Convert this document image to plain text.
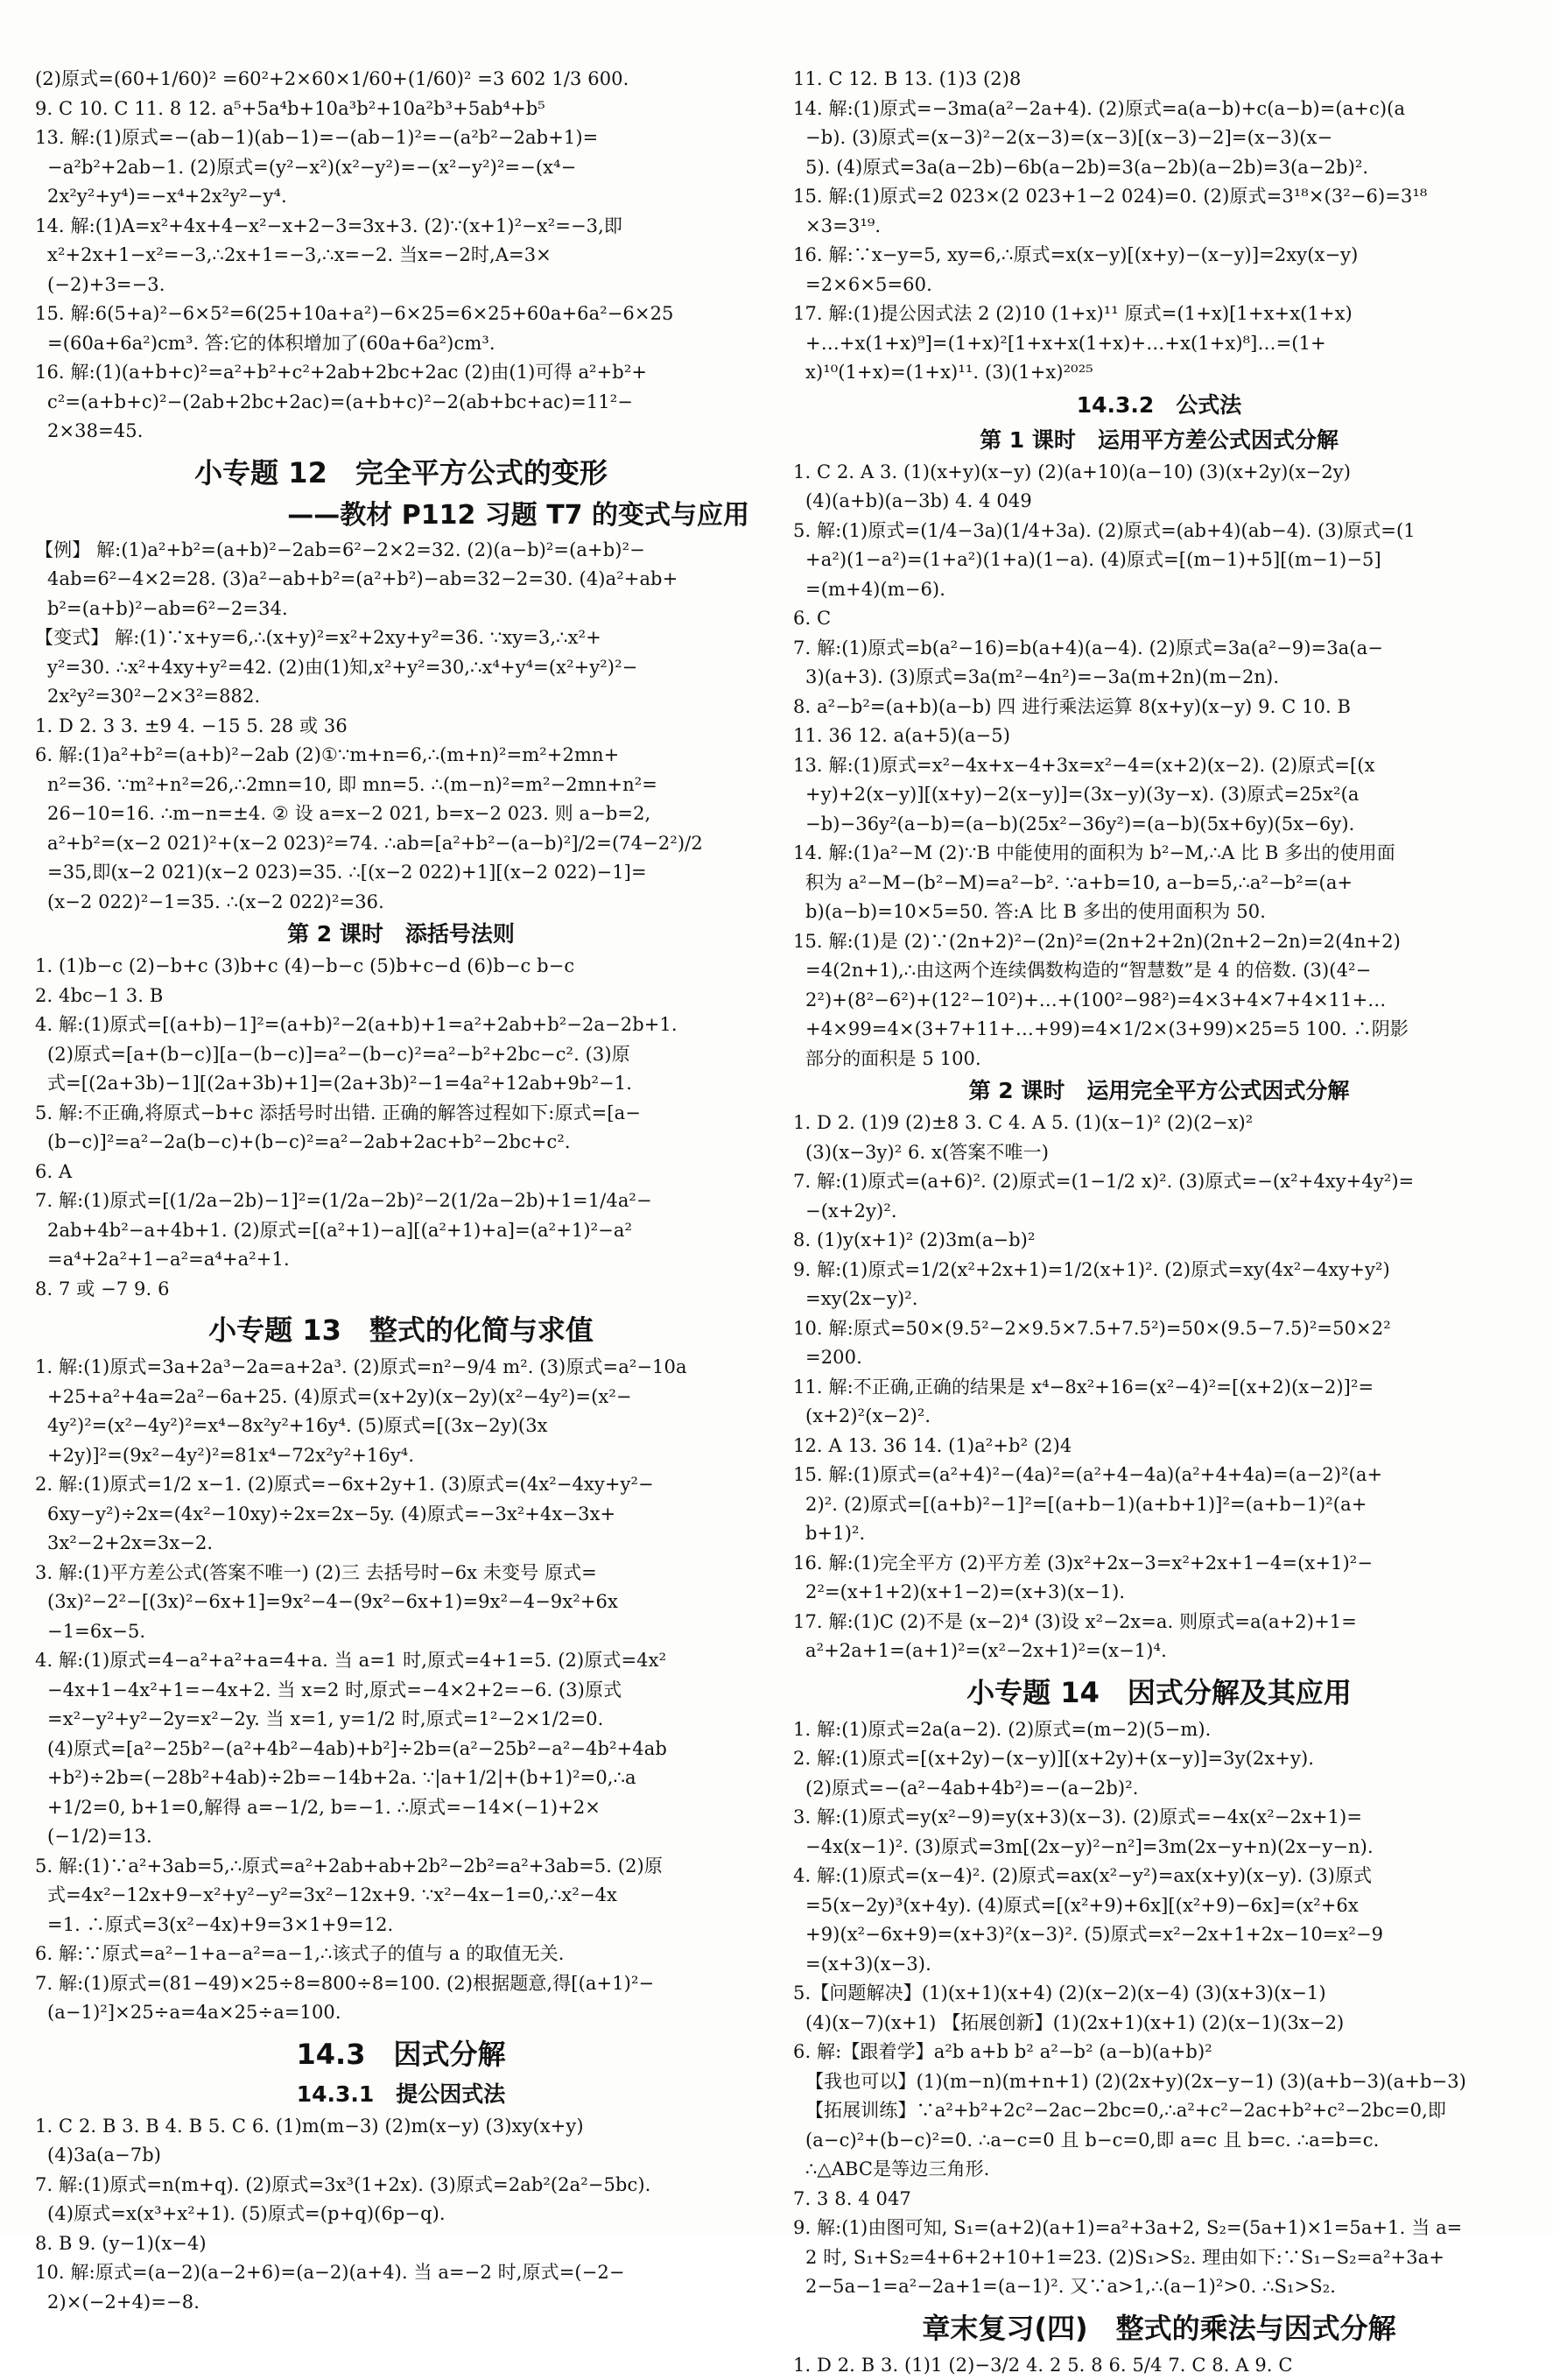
(2)原式=(60+1/60)² =60²+2×60×1/60+(1/60)² =3 602 1/3 600.
9. C 10. C 11. 8 12. a⁵+5a⁴b+10a³b²+10a²b³+5ab⁴+b⁵
13. 解:(1)原式=−(ab−1)(ab−1)=−(ab−1)²=−(a²b²−2ab+1)=
−a²b²+2ab−1. (2)原式=(y²−x²)(x²−y²)=−(x²−y²)²=−(x⁴−
2x²y²+y⁴)=−x⁴+2x²y²−y⁴.
14. 解:(1)A=x²+4x+4−x²−x+2−3=3x+3. (2)∵(x+1)²−x²=−3,即
x²+2x+1−x²=−3,∴2x+1=−3,∴x=−2. 当x=−2时,A=3×
(−2)+3=−3.
15. 解:6(5+a)²−6×5²=6(25+10a+a²)−6×25=6×25+60a+6a²−6×25
=(60a+6a²)cm³. 答:它的体积增加了(60a+6a²)cm³.
16. 解:(1)(a+b+c)²=a²+b²+c²+2ab+2bc+2ac (2)由(1)可得 a²+b²+
c²=(a+b+c)²−(2ab+2bc+2ac)=(a+b+c)²−2(ab+bc+ac)=11²−
2×38=45.
小专题 12　完全平方公式的变形
——教材 P112 习题 T7 的变式与应用
【例】 解:(1)a²+b²=(a+b)²−2ab=6²−2×2=32. (2)(a−b)²=(a+b)²−
4ab=6²−4×2=28. (3)a²−ab+b²=(a²+b²)−ab=32−2=30. (4)a²+ab+
b²=(a+b)²−ab=6²−2=34.
【变式】 解:(1)∵x+y=6,∴(x+y)²=x²+2xy+y²=36. ∵xy=3,∴x²+
y²=30. ∴x²+4xy+y²=42. (2)由(1)知,x²+y²=30,∴x⁴+y⁴=(x²+y²)²−
2x²y²=30²−2×3²=882.
1. D 2. 3 3. ±9 4. −15 5. 28 或 36
6. 解:(1)a²+b²=(a+b)²−2ab (2)①∵m+n=6,∴(m+n)²=m²+2mn+
n²=36. ∵m²+n²=26,∴2mn=10, 即 mn=5. ∴(m−n)²=m²−2mn+n²=
26−10=16. ∴m−n=±4. ② 设 a=x−2 021, b=x−2 023. 则 a−b=2,
a²+b²=(x−2 021)²+(x−2 023)²=74. ∴ab=[a²+b²−(a−b)²]/2=(74−2²)/2
=35,即(x−2 021)(x−2 023)=35. ∴[(x−2 022)+1][(x−2 022)−1]=
(x−2 022)²−1=35. ∴(x−2 022)²=36.
第 2 课时　添括号法则
1. (1)b−c (2)−b+c (3)b+c (4)−b−c (5)b+c−d (6)b−c b−c
2. 4bc−1 3. B
4. 解:(1)原式=[(a+b)−1]²=(a+b)²−2(a+b)+1=a²+2ab+b²−2a−2b+1.
(2)原式=[a+(b−c)][a−(b−c)]=a²−(b−c)²=a²−b²+2bc−c². (3)原
式=[(2a+3b)−1][(2a+3b)+1]=(2a+3b)²−1=4a²+12ab+9b²−1.
5. 解:不正确,将原式−b+c 添括号时出错. 正确的解答过程如下:原式=[a−
(b−c)]²=a²−2a(b−c)+(b−c)²=a²−2ab+2ac+b²−2bc+c².
6. A
7. 解:(1)原式=[(1/2a−2b)−1]²=(1/2a−2b)²−2(1/2a−2b)+1=1/4a²−
2ab+4b²−a+4b+1. (2)原式=[(a²+1)−a][(a²+1)+a]=(a²+1)²−a²
=a⁴+2a²+1−a²=a⁴+a²+1.
8. 7 或 −7 9. 6
小专题 13　整式的化简与求值
1. 解:(1)原式=3a+2a³−2a=a+2a³. (2)原式=n²−9/4 m². (3)原式=a²−10a
+25+a²+4a=2a²−6a+25. (4)原式=(x+2y)(x−2y)(x²−4y²)=(x²−
4y²)²=(x²−4y²)²=x⁴−8x²y²+16y⁴. (5)原式=[(3x−2y)(3x
+2y)]²=(9x²−4y²)²=81x⁴−72x²y²+16y⁴.
2. 解:(1)原式=1/2 x−1. (2)原式=−6x+2y+1. (3)原式=(4x²−4xy+y²−
6xy−y²)÷2x=(4x²−10xy)÷2x=2x−5y. (4)原式=−3x²+4x−3x+
3x²−2+2x=3x−2.
3. 解:(1)平方差公式(答案不唯一) (2)三 去括号时−6x 未变号 原式=
(3x)²−2²−[(3x)²−6x+1]=9x²−4−(9x²−6x+1)=9x²−4−9x²+6x
−1=6x−5.
4. 解:(1)原式=4−a²+a²+a=4+a. 当 a=1 时,原式=4+1=5. (2)原式=4x²
−4x+1−4x²+1=−4x+2. 当 x=2 时,原式=−4×2+2=−6. (3)原式
=x²−y²+y²−2y=x²−2y. 当 x=1, y=1/2 时,原式=1²−2×1/2=0.
(4)原式=[a²−25b²−(a²+4b²−4ab)+b²]÷2b=(a²−25b²−a²−4b²+4ab
+b²)÷2b=(−28b²+4ab)÷2b=−14b+2a. ∵|a+1/2|+(b+1)²=0,∴a
+1/2=0, b+1=0,解得 a=−1/2, b=−1. ∴原式=−14×(−1)+2×
(−1/2)=13.
5. 解:(1)∵a²+3ab=5,∴原式=a²+2ab+ab+2b²−2b²=a²+3ab=5. (2)原
式=4x²−12x+9−x²+y²−y²=3x²−12x+9. ∵x²−4x−1=0,∴x²−4x
=1. ∴原式=3(x²−4x)+9=3×1+9=12.
6. 解:∵原式=a²−1+a−a²=a−1,∴该式子的值与 a 的取值无关.
7. 解:(1)原式=(81−49)×25÷8=800÷8=100. (2)根据题意,得[(a+1)²−
(a−1)²]×25÷a=4a×25÷a=100.
14.3　因式分解
14.3.1　提公因式法
1. C 2. B 3. B 4. B 5. C 6. (1)m(m−3) (2)m(x−y) (3)xy(x+y)
(4)3a(a−7b)
7. 解:(1)原式=n(m+q). (2)原式=3x³(1+2x). (3)原式=2ab²(2a²−5bc).
(4)原式=x(x³+x²+1). (5)原式=(p+q)(6p−q).
8. B 9. (y−1)(x−4)
10. 解:原式=(a−2)(a−2+6)=(a−2)(a+4). 当 a=−2 时,原式=(−2−
2)×(−2+4)=−8.
11. C 12. B 13. (1)3 (2)8
14. 解:(1)原式=−3ma(a²−2a+4). (2)原式=a(a−b)+c(a−b)=(a+c)(a
−b). (3)原式=(x−3)²−2(x−3)=(x−3)[(x−3)−2]=(x−3)(x−
5). (4)原式=3a(a−2b)−6b(a−2b)=3(a−2b)(a−2b)=3(a−2b)².
15. 解:(1)原式=2 023×(2 023+1−2 024)=0. (2)原式=3¹⁸×(3²−6)=3¹⁸
×3=3¹⁹.
16. 解:∵x−y=5, xy=6,∴原式=x(x−y)[(x+y)−(x−y)]=2xy(x−y)
=2×6×5=60.
17. 解:(1)提公因式法 2 (2)10 (1+x)¹¹ 原式=(1+x)[1+x+x(1+x)
+…+x(1+x)⁹]=(1+x)²[1+x+x(1+x)+…+x(1+x)⁸]…=(1+
x)¹⁰(1+x)=(1+x)¹¹. (3)(1+x)²⁰²⁵
14.3.2　公式法
第 1 课时　运用平方差公式因式分解
1. C 2. A 3. (1)(x+y)(x−y) (2)(a+10)(a−10) (3)(x+2y)(x−2y)
(4)(a+b)(a−3b) 4. 4 049
5. 解:(1)原式=(1/4−3a)(1/4+3a). (2)原式=(ab+4)(ab−4). (3)原式=(1
+a²)(1−a²)=(1+a²)(1+a)(1−a). (4)原式=[(m−1)+5][(m−1)−5]
=(m+4)(m−6).
6. C
7. 解:(1)原式=b(a²−16)=b(a+4)(a−4). (2)原式=3a(a²−9)=3a(a−
3)(a+3). (3)原式=3a(m²−4n²)=−3a(m+2n)(m−2n).
8. a²−b²=(a+b)(a−b) 四 进行乘法运算 8(x+y)(x−y) 9. C 10. B
11. 36 12. a(a+5)(a−5)
13. 解:(1)原式=x²−4x+x−4+3x=x²−4=(x+2)(x−2). (2)原式=[(x
+y)+2(x−y)][(x+y)−2(x−y)]=(3x−y)(3y−x). (3)原式=25x²(a
−b)−36y²(a−b)=(a−b)(25x²−36y²)=(a−b)(5x+6y)(5x−6y).
14. 解:(1)a²−M (2)∵B 中能使用的面积为 b²−M,∴A 比 B 多出的使用面
积为 a²−M−(b²−M)=a²−b². ∵a+b=10, a−b=5,∴a²−b²=(a+
b)(a−b)=10×5=50. 答:A 比 B 多出的使用面积为 50.
15. 解:(1)是 (2)∵(2n+2)²−(2n)²=(2n+2+2n)(2n+2−2n)=2(4n+2)
=4(2n+1),∴由这两个连续偶数构造的“智慧数”是 4 的倍数. (3)(4²−
2²)+(8²−6²)+(12²−10²)+…+(100²−98²)=4×3+4×7+4×11+…
+4×99=4×(3+7+11+…+99)=4×1/2×(3+99)×25=5 100. ∴阴影
部分的面积是 5 100.
第 2 课时　运用完全平方公式因式分解
1. D 2. (1)9 (2)±8 3. C 4. A 5. (1)(x−1)² (2)(2−x)²
(3)(x−3y)² 6. x(答案不唯一)
7. 解:(1)原式=(a+6)². (2)原式=(1−1/2 x)². (3)原式=−(x²+4xy+4y²)=
−(x+2y)².
8. (1)y(x+1)² (2)3m(a−b)²
9. 解:(1)原式=1/2(x²+2x+1)=1/2(x+1)². (2)原式=xy(4x²−4xy+y²)
=xy(2x−y)².
10. 解:原式=50×(9.5²−2×9.5×7.5+7.5²)=50×(9.5−7.5)²=50×2²
=200.
11. 解:不正确,正确的结果是 x⁴−8x²+16=(x²−4)²=[(x+2)(x−2)]²=
(x+2)²(x−2)².
12. A 13. 36 14. (1)a²+b² (2)4
15. 解:(1)原式=(a²+4)²−(4a)²=(a²+4−4a)(a²+4+4a)=(a−2)²(a+
2)². (2)原式=[(a+b)²−1]²=[(a+b−1)(a+b+1)]²=(a+b−1)²(a+
b+1)².
16. 解:(1)完全平方 (2)平方差 (3)x²+2x−3=x²+2x+1−4=(x+1)²−
2²=(x+1+2)(x+1−2)=(x+3)(x−1).
17. 解:(1)C (2)不是 (x−2)⁴ (3)设 x²−2x=a. 则原式=a(a+2)+1=
a²+2a+1=(a+1)²=(x²−2x+1)²=(x−1)⁴.
小专题 14　因式分解及其应用
1. 解:(1)原式=2a(a−2). (2)原式=(m−2)(5−m).
2. 解:(1)原式=[(x+2y)−(x−y)][(x+2y)+(x−y)]=3y(2x+y).
(2)原式=−(a²−4ab+4b²)=−(a−2b)².
3. 解:(1)原式=y(x²−9)=y(x+3)(x−3). (2)原式=−4x(x²−2x+1)=
−4x(x−1)². (3)原式=3m[(2x−y)²−n²]=3m(2x−y+n)(2x−y−n).
4. 解:(1)原式=(x−4)². (2)原式=ax(x²−y²)=ax(x+y)(x−y). (3)原式
=5(x−2y)³(x+4y). (4)原式=[(x²+9)+6x][(x²+9)−6x]=(x²+6x
+9)(x²−6x+9)=(x+3)²(x−3)². (5)原式=x²−2x+1+2x−10=x²−9
=(x+3)(x−3).
5.【问题解决】(1)(x+1)(x+4) (2)(x−2)(x−4) (3)(x+3)(x−1)
(4)(x−7)(x+1) 【拓展创新】(1)(2x+1)(x+1) (2)(x−1)(3x−2)
6. 解:【跟着学】a²b a+b b² a²−b² (a−b)(a+b)²
【我也可以】(1)(m−n)(m+n+1) (2)(2x+y)(2x−y−1) (3)(a+b−3)(a+b−3)
【拓展训练】∵a²+b²+2c²−2ac−2bc=0,∴a²+c²−2ac+b²+c²−2bc=0,即
(a−c)²+(b−c)²=0. ∴a−c=0 且 b−c=0,即 a=c 且 b=c. ∴a=b=c.
∴△ABC是等边三角形.
7. 3 8. 4 047
9. 解:(1)由图可知, S₁=(a+2)(a+1)=a²+3a+2, S₂=(5a+1)×1=5a+1. 当 a=
2 时, S₁+S₂=4+6+2+10+1=23. (2)S₁>S₂. 理由如下:∵S₁−S₂=a²+3a+
2−5a−1=a²−2a+1=(a−1)². 又∵a>1,∴(a−1)²>0. ∴S₁>S₂.
章末复习(四)　整式的乘法与因式分解
1. D 2. B 3. (1)1 (2)−3/2 4. 2 5. 8 6. 5/4 7. C 8. A 9. C
